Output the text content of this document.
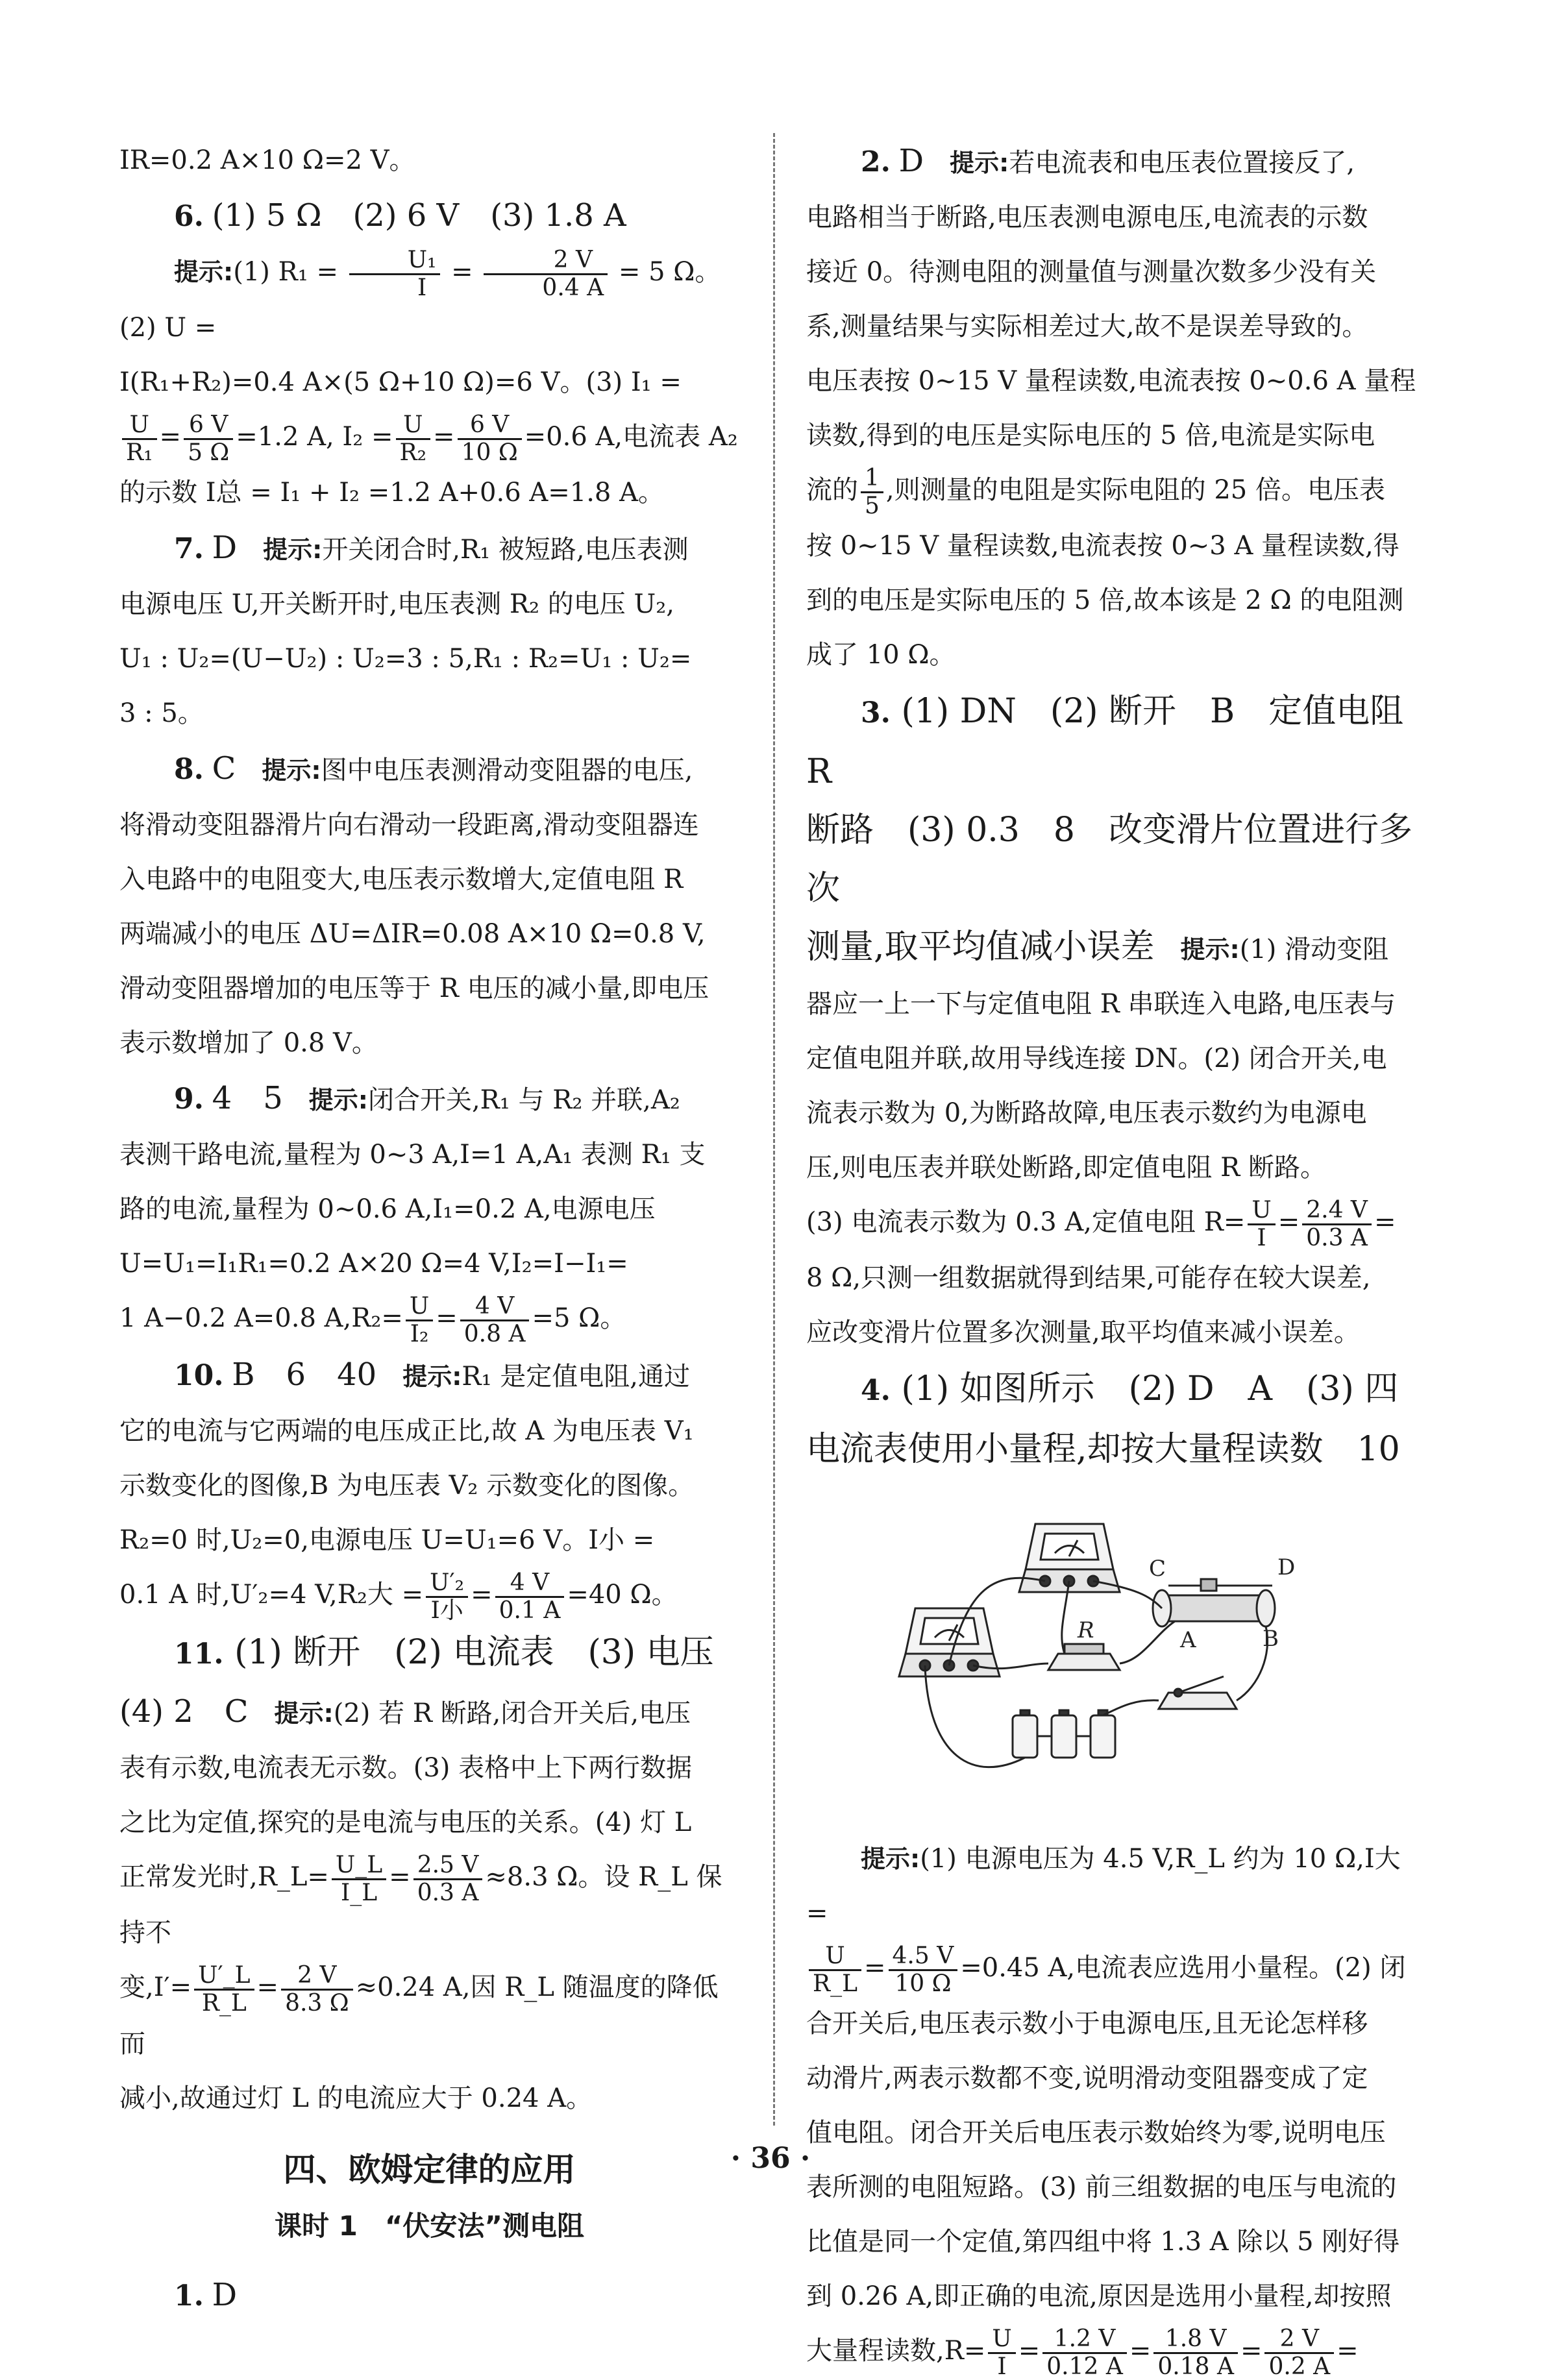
IR=0.2 A×10 Ω=2 V。

6. (1) 5 Ω　(2) 6 V　(3) 1.8 A

提示:(1) $R_1 = \frac{\text{U₁}}{I} = \frac{2 V}{0.4 A} = 5$ Ω。(2) U =

I(R₁+R₂)=0.4 A×(5 Ω+10 Ω)=6 V。(3) I₁ =

$\frac{U}{\text{R₁}} = \frac{6 V}{5 \Omega} =1.2$ A, $I_2 = \frac{U}{\text{R₂}} = \frac{6 V}{10 \Omega} =0.6$ A,电流表 A₂

的示数 I总 = I₁ + I₂ =1.2 A+0.6 A=1.8 A。

7. D　 提示:开关闭合时,R₁ 被短路,电压表测

电源电压 U,开关断开时,电压表测 R₂ 的电压 U₂,

U₁ : U₂=(U−U₂) : U₂=3 : 5,R₁ : R₂=U₁ : U₂=

3 : 5。

8. C　 提示:图中电压表测滑动变阻器的电压,

将滑动变阻器滑片向右滑动一段距离,滑动变阻器连

入电路中的电阻变大,电压表示数增大,定值电阻 R

两端减小的电压 ΔU=ΔIR=0.08 A×10 Ω=0.8 V,

滑动变阻器增加的电压等于 R 电压的减小量,即电压

表示数增加了 0.8 V。

9. 4　5　 提示:闭合开关,R₁ 与 R₂ 并联,A₂

表测干路电流,量程为 0~3 A,I=1 A,A₁ 表测 R₁ 支

路的电流,量程为 0~0.6 A,I₁=0.2 A,电源电压

U=U₁=I₁R₁=0.2 A×20 Ω=4 V,I₂=I−I₁=

1 A−0.2 A=0.8 $A,R_2= \frac{U}{\text{I₂}} = \frac{4 V}{0.8 A} =5$ Ω。

10. B　6　40　 提示:R₁ 是定值电阻,通过

它的电流与它两端的电压成正比,故 A 为电压表 V₁

示数变化的图像,B 为电压表 V₂ 示数变化的图像。

R₂=0 时,U₂=0,电源电压 U=U₁=6 V。I小 =

0.1 A 时,U′₂=4 V,R₂大 = $\frac{\text{U′₂}}{\text{I小}} = \frac{4 V}{0.1 A} =40$ Ω。

11. (1) 断开　(2) 电流表　(3) 电压

(4) 2　C　 提示:(2) 若 R 断路,闭合开关后,电压

表有示数,电流表无示数。(3) 表格中上下两行数据

之比为定值,探究的是电流与电压的关系。(4) 灯 L

正常发光时,R_L= $\frac{U\_L}{I\_L} = \frac{2.5 V}{0.3 A} \approx 8.3$ Ω。设 R_L 保持不

变$,I'= \frac{U'\_L}{R\_L} = \frac{2 V}{8.3 \Omega} \approx 0.24$ A,因 R_L 随温度的降低而

减小,故通过灯 L 的电流应大于 0.24 A。

四、欧姆定律的应用
课时 1　“伏安法”测电阻

1. D

2. D　 提示:若电流表和电压表位置接反了,

电路相当于断路,电压表测电源电压,电流表的示数

接近 0。待测电阻的测量值与测量次数多少没有关

系,测量结果与实际相差过大,故不是误差导致的。

电压表按 0~15 V 量程读数,电流表按 0~0.6 A 量程

读数,得到的电压是实际电压的 5 倍,电流是实际电

流的 $\frac{1}{5}$ ,则测量的电阻是实际电阻的 25 倍。电压表

按 0~15 V 量程读数,电流表按 0~3 A 量程读数,得

到的电压是实际电压的 5 倍,故本该是 2 Ω 的电阻测

成了 10 Ω。

3. (1) DN　(2) 断开　B　定值电阻 R

断路　(3) 0.3　8　改变滑片位置进行多次

测量,取平均值减小误差　 提示:(1) 滑动变阻

器应一上一下与定值电阻 R 串联连入电路,电压表与

定值电阻并联,故用导线连接 DN。(2) 闭合开关,电

流表示数为 0,为断路故障,电压表示数约为电源电

压,则电压表并联处断路,即定值电阻 R 断路。

(3) 电流表示数为 0.3 A,定值电阻 $R= \frac{U}{I} = \frac{2.4 V}{0.3 A}$ =

8 Ω,只测一组数据就得到结果,可能存在较大误差,

应改变滑片位置多次测量,取平均值来减小误差。

4. (1) 如图所示　(2) D　A　(3) 四

电流表使用小量程,却按大量程读数　10

C	D
A	B
R

提示:(1) 电源电压为 4.5 V,R_L 约为 10 Ω,I大 =

$\frac{U}{R\_L} = \frac{4.5 V}{10 \Omega} =0.45$ A,电流表应选用小量程。(2) 闭

合开关后,电压表示数小于电源电压,且无论怎样移

动滑片,两表示数都不变,说明滑动变阻器变成了定

值电阻。闭合开关后电压表示数始终为零,说明电压

表所测的电阻短路。(3) 前三组数据的电压与电流的

比值是同一个定值,第四组中将 1.3 A 除以 5 刚好得

到 0.26 A,即正确的电流,原因是选用小量程,却按照

大量程读数$,R= \frac{U}{I} = \frac{1.2 V}{0.12 A} = \frac{1.8 V}{0.18 A} = \frac{2 V}{0.2 A}$ =

· 36 ·
